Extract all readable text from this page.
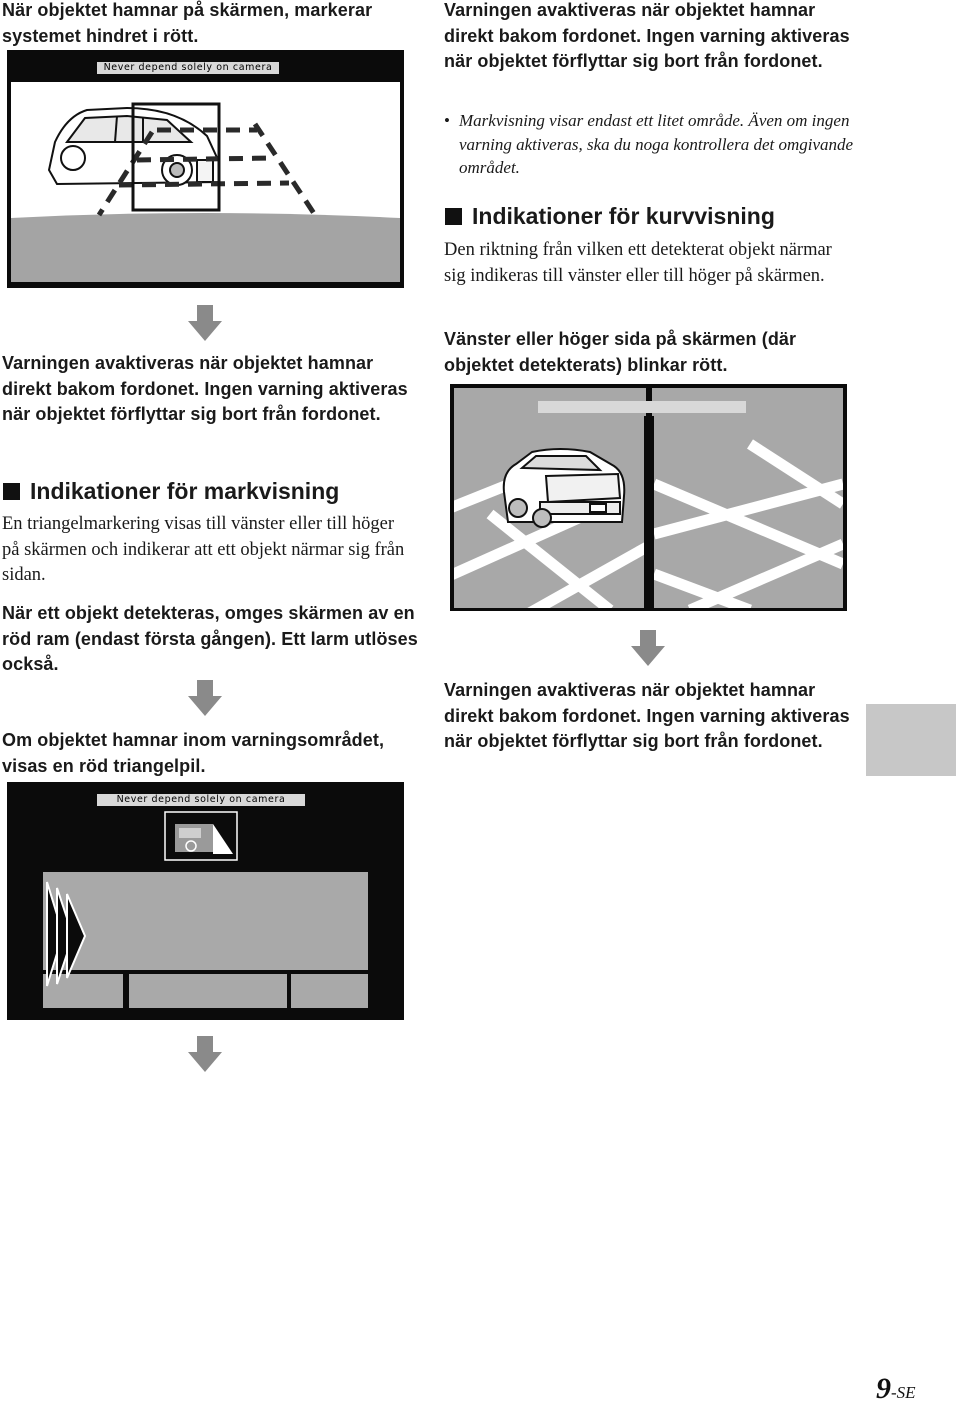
När objektet hamnar på skärmen, markerar systemet hindret i rött.
Never depend solely on camera
Varningen avaktiveras när objektet hamnar direkt bakom fordonet. Ingen varning aktiveras när objektet förflyttar sig bort från fordonet.
Indikationer för markvisning
En triangelmarkering visas till vänster eller till höger på skärmen och indikerar att ett objekt närmar sig från sidan.
När ett objekt detekteras, omges skärmen av en röd ram (endast första gången). Ett larm utlöses också.
Om objektet hamnar inom varningsområdet, visas en röd triangelpil.
Never depend solely on camera
Varningen avaktiveras när objektet hamnar direkt bakom fordonet. Ingen varning aktiveras när objektet förflyttar sig bort från fordonet.
• Markvisning visar endast ett litet område. Även om ingen varning aktiveras, ska du noga kontrollera det omgivande området.
Indikationer för kurvvisning
Den riktning från vilken ett detekterat objekt närmar sig indikeras till vänster eller till höger på skärmen.
Vänster eller höger sida på skärmen (där objektet detekterats) blinkar rött.
Varningen avaktiveras när objektet hamnar direkt bakom fordonet. Ingen varning aktiveras när objektet förflyttar sig bort från fordonet.
9 -SE
